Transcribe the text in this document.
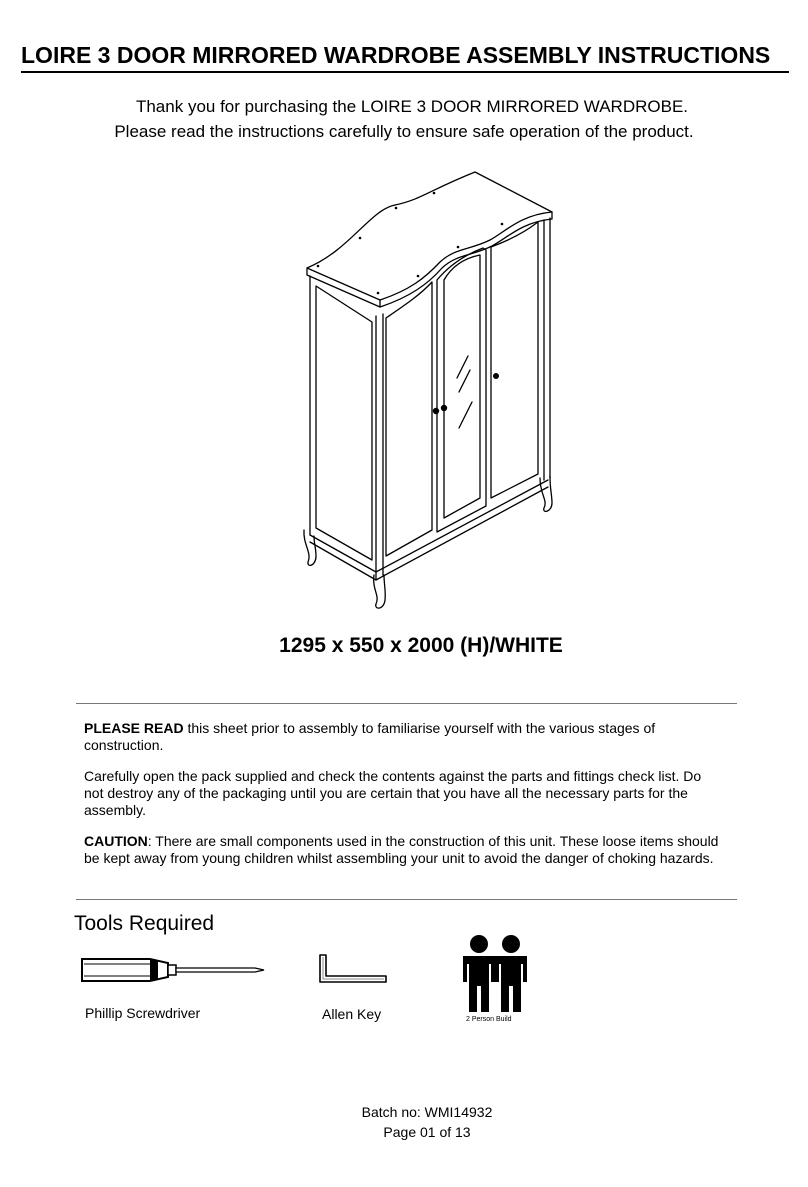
LOIRE 3 DOOR MIRRORED WARDROBE ASSEMBLY INSTRUCTIONS
Thank you for purchasing the LOIRE 3 DOOR MIRRORED WARDROBE.
Please read the instructions carefully to ensure safe operation of the product.
1295 x 550 x 2000 (H)/WHITE
PLEASE READ this sheet prior to assembly to familiarise yourself with the various stages of construction.
Carefully open the pack supplied and check the contents against the parts and fittings check list. Do not destroy any of the packaging until you are certain that you have all the necessary parts for the assembly.
CAUTION: There are small components used in the construction of this unit. These loose items should be kept away from young children whilst assembling your unit to avoid the danger of choking hazards.
Tools Required
Phillip Screwdriver	Allen Key	2 Person Build
Batch no: WMI14932
Page 01 of 13
